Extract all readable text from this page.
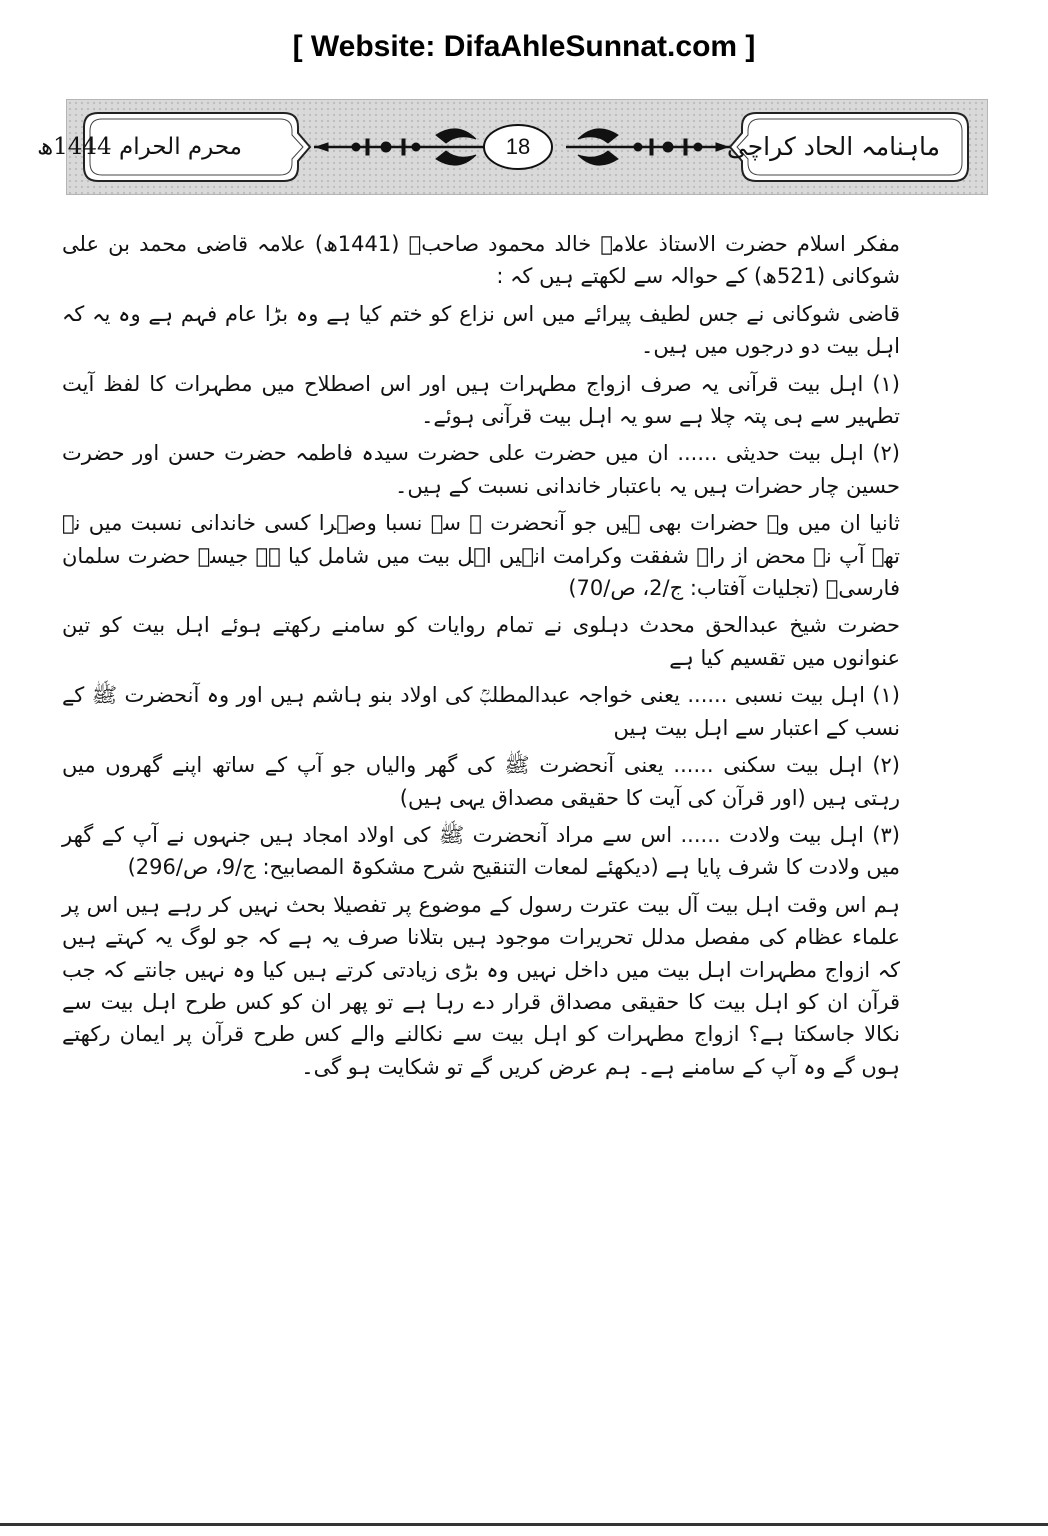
[ Website: DifaAhleSunnat.com ]
ماہنامہ الحاد کراچی
محرم الحرام 1444ھ	18

مفکر اسلام حضرت الاستاذ علامہ خالد محمود صاحبؒ (1441ھ) علامہ قاضی محمد بن علی شوکانی (521ھ) کے حوالہ سے لکھتے ہیں کہ :

قاضی شوکانی نے جس لطیف پیرائے میں اس نزاع کو ختم کیا ہے وہ بڑا عام فہم ہے وہ یہ کہ اہل بیت دو درجوں میں ہیں۔

(۱) اہل بیت قرآنی یہ صرف ازواج مطہرات ہیں اور اس اصطلاح میں مطہرات کا لفظ آیت تطہیر سے ہی پتہ چلا ہے سو یہ اہل بیت قرآنی ہوئے۔

(۲) اہل بیت حدیثی ...... ان میں حضرت علی حضرت سیدہ فاطمہ حضرت حسن اور حضرت حسین چار حضرات ہیں یہ باعتبار خاندانی نسبت کے ہیں۔

ثانیا ان میں وہ حضرات بھی ہیں جو آنحضرت ﷺ سے نسبا وصہرا کسی خاندانی نسبت میں نہ تھے آپ نے محض از راہ شفقت وکرامت انہیں اہل بیت میں شامل کیا ہے جیسے حضرت سلمان فارسیؓ (تجلیات آفتاب: ج/2، ص/70)

حضرت شیخ عبدالحق محدث دہلوی نے تمام روایات کو سامنے رکھتے ہوئے اہل بیت کو تین عنوانوں میں تقسیم کیا ہے

(۱) اہل بیت نسبی ...... یعنی خواجہ عبدالمطلبؒ کی اولاد بنو ہاشم ہیں اور وہ آنحضرت ﷺ کے نسب کے اعتبار سے اہل بیت ہیں

(۲) اہل بیت سکنی ...... یعنی آنحضرت ﷺ کی گھر والیاں جو آپ کے ساتھ اپنے گھروں میں رہتی ہیں (اور قرآن کی آیت کا حقیقی مصداق یہی ہیں)

(۳) اہل بیت ولادت ...... اس سے مراد آنحضرت ﷺ کی اولاد امجاد ہیں جنہوں نے آپ کے گھر میں ولادت کا شرف پایا ہے (دیکھئے لمعات التنقیح شرح مشکوۃ المصابیح: ج/9، ص/296)

ہم اس وقت اہل بیت آل بیت عترت رسول کے موضوع پر تفصیلا بحث نہیں کر رہے ہیں اس پر علماء عظام کی مفصل مدلل تحریرات موجود ہیں بتلانا صرف یہ ہے کہ جو لوگ یہ کہتے ہیں کہ ازواج مطہرات اہل بیت میں داخل نہیں وہ بڑی زیادتی کرتے ہیں کیا وہ نہیں جانتے کہ جب قرآن ان کو اہل بیت کا حقیقی مصداق قرار دے رہا ہے تو پھر ان کو کس طرح اہل بیت سے نکالا جاسکتا ہے؟ ازواج مطہرات کو اہل بیت سے نکالنے والے کس طرح قرآن پر ایمان رکھتے ہوں گے وہ آپ کے سامنے ہے۔ ہم عرض کریں گے تو شکایت ہو گی۔
